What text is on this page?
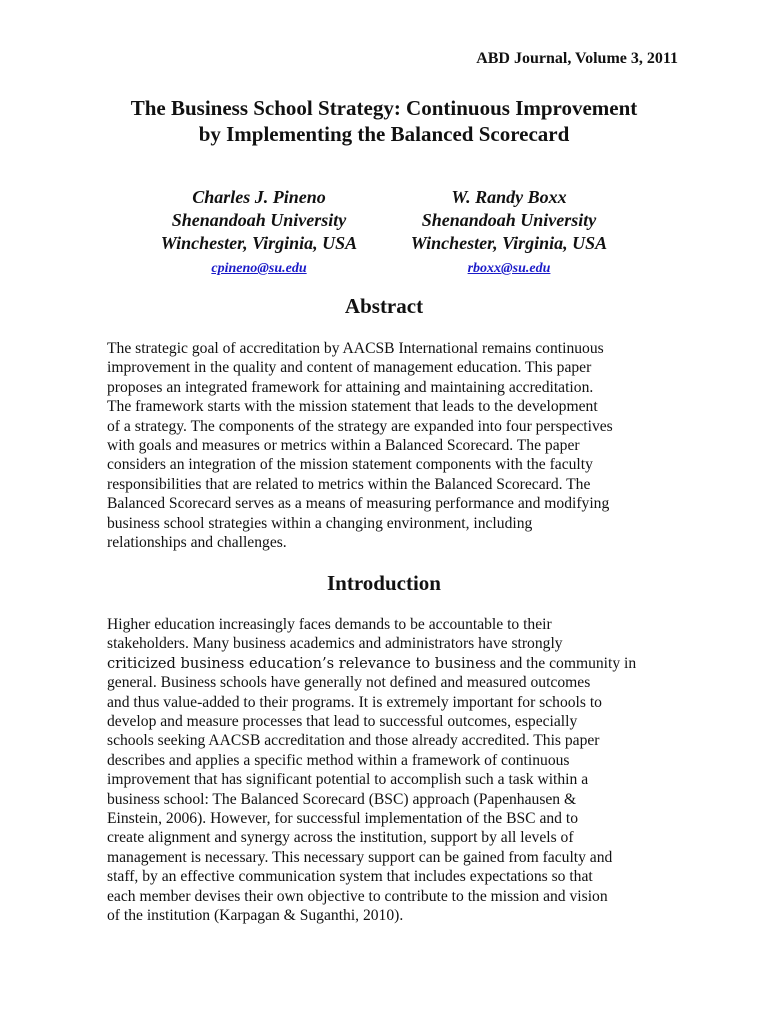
ABD Journal, Volume 3, 2011
The Business School Strategy: Continuous Improvement
by Implementing the Balanced Scorecard
Charles J. Pineno
Shenandoah University
Winchester, Virginia, USA
cpineno@su.edu
W. Randy Boxx
Shenandoah University
Winchester, Virginia, USA
rboxx@su.edu
Abstract
The strategic goal of accreditation by AACSB International remains continuous
improvement in the quality and content of management education. This paper
proposes an integrated framework for attaining and maintaining accreditation.
The framework starts with the mission statement that leads to the development
of a strategy. The components of the strategy are expanded into four perspectives
with goals and measures or metrics within a Balanced Scorecard. The paper
considers an integration of the mission statement components with the faculty
responsibilities that are related to metrics within the Balanced Scorecard. The
Balanced Scorecard serves as a means of measuring performance and modifying
business school strategies within a changing environment, including
relationships and challenges.
Introduction
Higher education increasingly faces demands to be accountable to their
stakeholders. Many business academics and administrators have strongly
criticized business education’s relevance to business and the community in
general. Business schools have generally not defined and measured outcomes
and thus value-added to their programs. It is extremely important for schools to
develop and measure processes that lead to successful outcomes, especially
schools seeking AACSB accreditation and those already accredited. This paper
describes and applies a specific method within a framework of continuous
improvement that has significant potential to accomplish such a task within a
business school: The Balanced Scorecard (BSC) approach (Papenhausen &
Einstein, 2006). However, for successful implementation of the BSC and to
create alignment and synergy across the institution, support by all levels of
management is necessary. This necessary support can be gained from faculty and
staff, by an effective communication system that includes expectations so that
each member devises their own objective to contribute to the mission and vision
of the institution (Karpagan & Suganthi, 2010).
